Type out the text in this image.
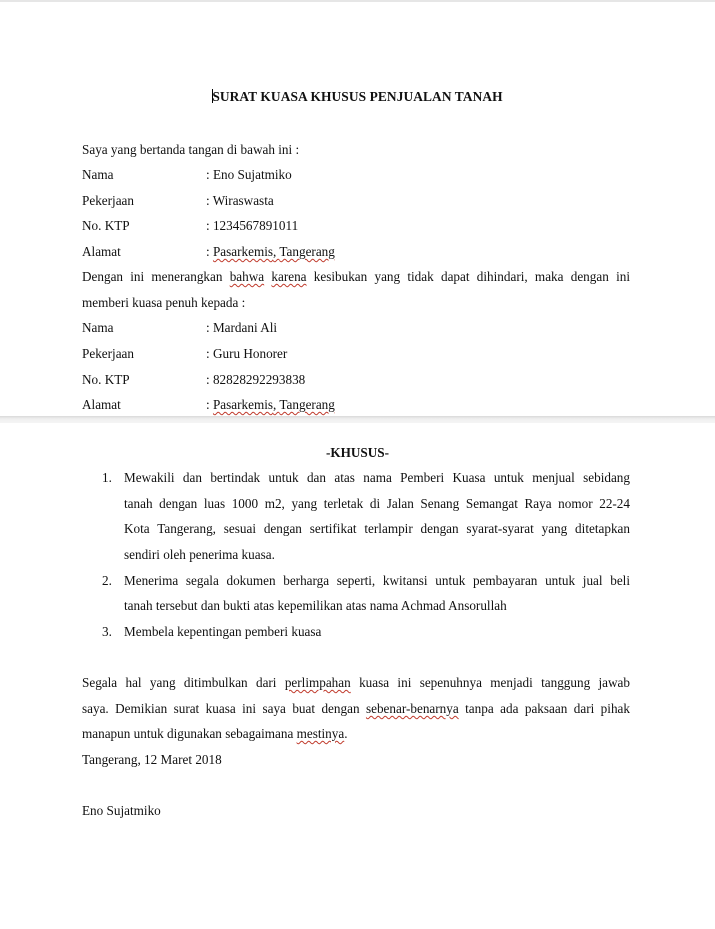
SURAT KUASA KHUSUS PENJUALAN TANAH
Saya yang bertanda tangan di bawah ini :
Nama	: Eno Sujatmiko
Pekerjaan	: Wiraswasta
No. KTP	: 1234567891011
Alamat	: Pasarkemis, Tangerang
Dengan ini menerangkan bahwa karena kesibukan yang tidak dapat dihindari, maka dengan ini
memberi kuasa penuh kepada :
Nama	: Mardani Ali
Pekerjaan	: Guru Honorer
No. KTP	: 82828292293838
Alamat	: Pasarkemis, Tangerang
-KHUSUS-
1. Mewakili dan bertindak untuk dan atas nama Pemberi Kuasa untuk menjual sebidang
tanah dengan luas 1000 m2, yang terletak di Jalan Senang Semangat Raya nomor 22-24
Kota Tangerang, sesuai dengan sertifikat terlampir dengan syarat-syarat yang ditetapkan
sendiri oleh penerima kuasa.
2. Menerima segala dokumen berharga seperti, kwitansi untuk pembayaran untuk jual beli
tanah tersebut dan bukti atas kepemilikan atas nama Achmad Ansorullah
3. Membela kepentingan pemberi kuasa
Segala hal yang ditimbulkan dari perlimpahan kuasa ini sepenuhnya menjadi tanggung jawab
saya. Demikian surat kuasa ini saya buat dengan sebenar-benarnya tanpa ada paksaan dari pihak
manapun untuk digunakan sebagaimana mestinya.
Tangerang, 12 Maret 2018
Eno Sujatmiko
